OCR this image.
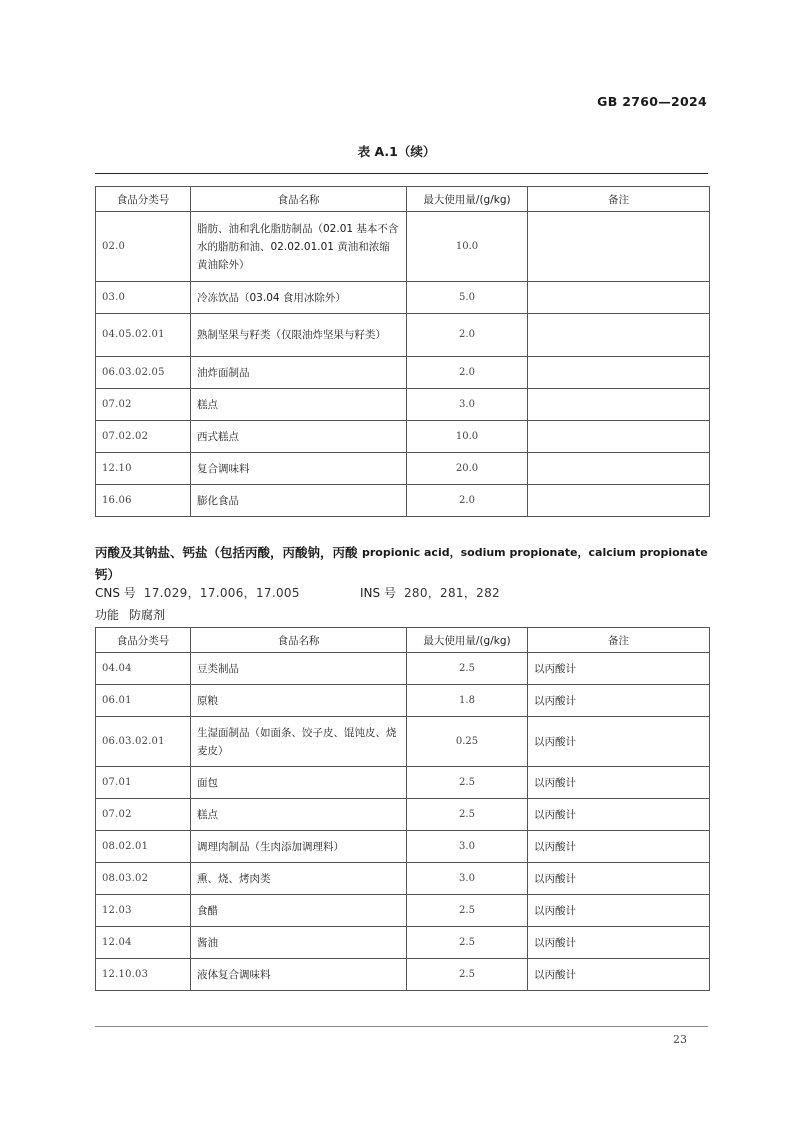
GB 2760—2024
表 A.1（续）
食品分类号	食品名称	最大使用量/(g/kg)	备注
02.0	脂肪、油和乳化脂肪制品（02.01 基本不含水的脂肪和油、02.02.01.01 黄油和浓缩黄油除外）	10.0	
03.0	冷冻饮品（03.04 食用冰除外）	5.0	
04.05.02.01	熟制坚果与籽类（仅限油炸坚果与籽类）	2.0	
06.03.02.05	油炸面制品	2.0	
07.02	糕点	3.0	
07.02.02	西式糕点	10.0	
12.10	复合调味料	20.0	
16.06	膨化食品	2.0	
丙酸及其钠盐、钙盐（包括丙酸，丙酸钠，丙酸钙）
propionic acid，sodium propionate，calcium propionate
CNS 号 17.029，17.006，17.005	INS 号 280，281，282
功能 防腐剂
食品分类号	食品名称	最大使用量/(g/kg)	备注
04.04	豆类制品	2.5	以丙酸计
06.01	原粮	1.8	以丙酸计
06.03.02.01	生湿面制品（如面条、饺子皮、馄饨皮、烧麦皮）	0.25	以丙酸计
07.01	面包	2.5	以丙酸计
07.02	糕点	2.5	以丙酸计
08.02.01	调理肉制品（生肉添加调理料）	3.0	以丙酸计
08.03.02	熏、烧、烤肉类	3.0	以丙酸计
12.03	食醋	2.5	以丙酸计
12.04	酱油	2.5	以丙酸计
12.10.03	液体复合调味料	2.5	以丙酸计
23
